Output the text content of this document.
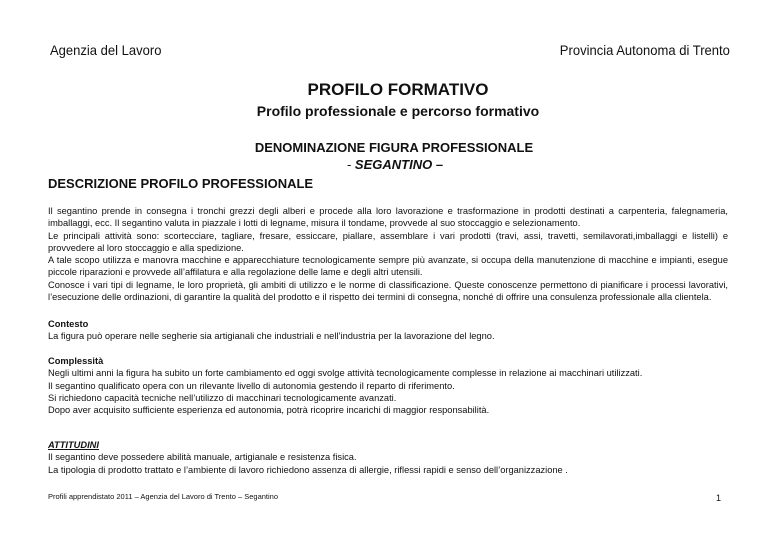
Agenzia del Lavoro	Provincia Autonoma di Trento
PROFILO FORMATIVO
Profilo professionale e percorso formativo
DENOMINAZIONE FIGURA PROFESSIONALE
- SEGANTINO –
DESCRIZIONE PROFILO PROFESSIONALE

Il segantino prende in consegna i tronchi grezzi degli alberi e procede alla loro lavorazione e trasformazione in prodotti destinati a carpenteria, falegnameria, imballaggi, ecc. Il segantino valuta in piazzale i lotti di legname, misura il tondame, provvede al suo stoccaggio e selezionamento.

Le principali attività sono: scortecciare, tagliare, fresare, essiccare, piallare, assemblare i vari prodotti (travi, assi, travetti, semilavorati,imballaggi e listelli) e provvedere al loro stoccaggio e alla spedizione.

A tale scopo utilizza e manovra macchine e apparecchiature tecnologicamente sempre più avanzate, si occupa della manutenzione di macchine e impianti, esegue piccole riparazioni e provvede all’affilatura e alla regolazione delle lame e degli altri utensili.

Conosce i vari tipi di legname, le loro proprietà, gli ambiti di utilizzo e le norme di classificazione. Queste conoscenze permettono di pianificare i processi lavorativi, l’esecuzione delle ordinazioni, di garantire la qualità del prodotto e il rispetto dei termini di consegna, nonché di offrire una consulenza professionale alla clientela.

Contesto
La figura può operare nelle segherie sia artigianali che industriali e nell’industria per la lavorazione del legno.
Complessità
Negli ultimi anni la figura ha subito un forte cambiamento ed oggi svolge attività tecnologicamente complesse in relazione ai macchinari utilizzati.
Il segantino qualificato opera con un rilevante livello di autonomia gestendo il reparto di riferimento.
Si richiedono capacità tecniche nell’utilizzo di macchinari tecnologicamente avanzati.
Dopo aver acquisito sufficiente esperienza ed autonomia, potrà ricoprire incarichi di maggior responsabilità.
ATTITUDINI
Il segantino deve possedere abilità manuale, artigianale e resistenza fisica.
La tipologia di prodotto trattato e l’ambiente di lavoro richiedono assenza di allergie, riflessi rapidi e senso dell’organizzazione .
Profili apprendistato 2011 – Agenzia del Lavoro di Trento – Segantino	1
